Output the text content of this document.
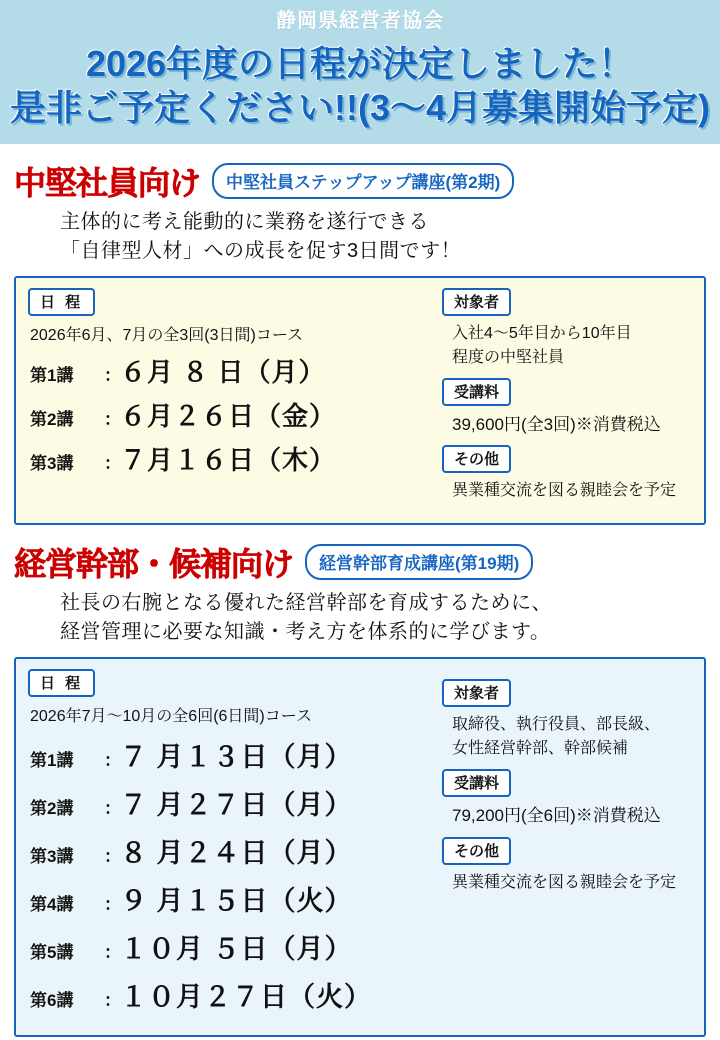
静岡県経営者協会
2026年度の日程が決定しました！
是非ご予定ください!!(3〜4月募集開始予定)
中堅社員向け	中堅社員ステップアップ講座(第2期)
主体的に考え能動的に業務を遂行できる
「自律型人材」への成長を促す3日間です！
日 程
2026年6月、7月の全3回(3日間)コース
第1講	： ６月 ８ 日（月）
第2講	： ６月２６日（金）
第3講	： ７月１６日（木）
対象者
入社4〜5年目から10年目
程度の中堅社員
受講料
39,600円(全3回)※消費税込
その他
異業種交流を図る親睦会を予定
経営幹部・候補向け	経営幹部育成講座(第19期)
社長の右腕となる優れた経営幹部を育成するために、
経営管理に必要な知識・考え方を体系的に学びます。
日 程
2026年7月〜10月の全6回(6日間)コース
第1講	： ７ 月１３日（月）
第2講	： ７ 月２７日（月）
第3講	： ８ 月２４日（月）
第4講	： ９ 月１５日（火）
第5講	： １０月 ５日（月）
第6講	： １０月２７日（火）
対象者
取締役、執行役員、部長級、
女性経営幹部、幹部候補
受講料
79,200円(全6回)※消費税込
その他
異業種交流を図る親睦会を予定
